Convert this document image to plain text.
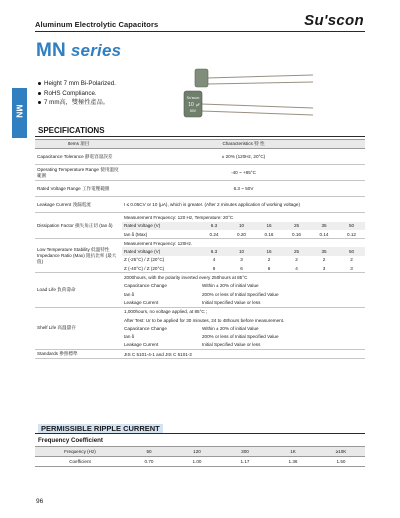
Aluminum Electrolytic Capacitors	Su'scon
MN series
MN
Height 7 mm Bi-Polarized.
RoHS Compliance.
7 mm高，雙極性產品。
Su'scon
10 μF
50V
SPECIFICATIONS
Items 項目	Characteristics 特 性						
Capacitance Tolerance 靜電容量誤差	± 20% (120Hz, 20°C)						
Operating Temperature Range 使用溫度範圍	-40 ~ +85°C						
Rated Voltage Range 工作電壓範圍	6.3 ~ 50V						
Leakage Current 洩漏電流	I ≤ 0.05CV or 10 (μA), which is greater. (After 2 minutes application of working voltage)						
Dissipation Factor 損失角正切 (tan δ)	Measurement Frequency: 120 Hz, Temperature: 20°C						
	Rated Voltage (V)	6.3	10	16	25	35	50
	tan δ (Max)	0.24	0.20	0.16	0.16	0.14	0.12
Low Temperature Stability 低溫特性 Impedance Ratio (Max) 阻抗比率 (最大值)	Measurement Frequency: 120Hz.						
	Rated Voltage (V)	6.3	10	16	25	35	50
	Z (-25°C) / Z (20°C)	4	3	2	2	2	2
	Z (-40°C) / Z (20°C)	8	6	6	4	3	3
Load Life 負荷壽命	2000hours, with the polarity inverted every 250hours at 85°C						
	Capacitance Change	Within ± 20% of initial Value					
	tan δ	200% or less of Initial Specified Value					
	Leakage Current	Initial Specified Value or less					
Shelf Life 高溫儲存	1,000hours, no voltage applied, at 85°C ;						
	After Test: Ur to be applied for 30 minutes, 24 to 48hours before measurement.						
	Capacitance Change	Within ± 20% of initial Value					
	tan δ	200% or less of Initial Specified Value					
	Leakage Current	Initial Specified Value or less					
Standards 參照標準	JIS C 5101-4-1 and JIS C 5101-2						
PERMISSIBLE RIPPLE CURRENT
Frequency Coefficient
Frequency (Hz)	50	120	300	1K	≥10K
Coefficient	0.70	1.00	1.17	1.36	1.50
96
